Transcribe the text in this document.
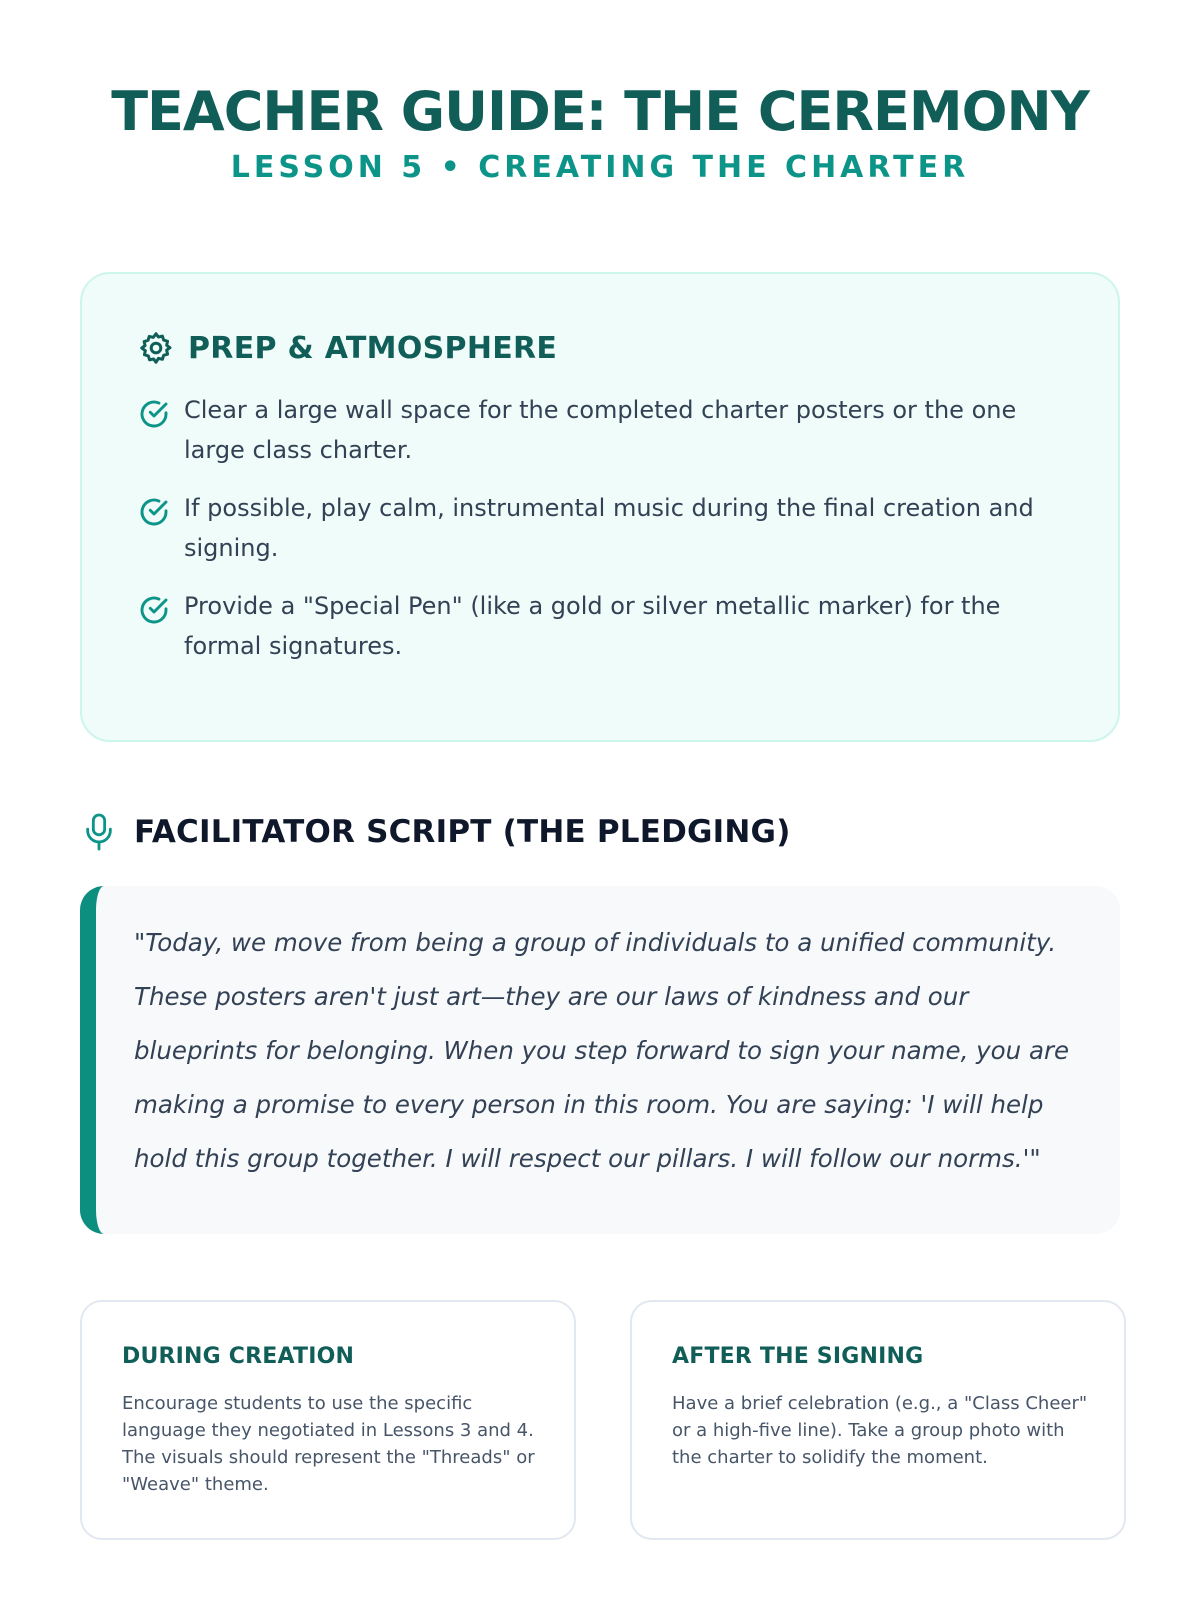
TEACHER GUIDE: THE CEREMONY
LESSON 5 • CREATING THE CHARTER
PREP & ATMOSPHERE
Clear a large wall space for the completed charter posters or the one large class charter.
If possible, play calm, instrumental music during the final creation and signing.
Provide a "Special Pen" (like a gold or silver metallic marker) for the formal signatures.
FACILITATOR SCRIPT (THE PLEDGING)

"Today, we move from being a group of individuals to a unified community. These posters aren't just art—they are our laws of kindness and our blueprints for belonging. When you step forward to sign your name, you are making a promise to every person in this room. You are saying: 'I will help hold this group together. I will respect our pillars. I will follow our norms.'"

DURING CREATION

Encourage students to use the specific language they negotiated in Lessons 3 and 4. The visuals should represent the "Threads" or "Weave" theme.

AFTER THE SIGNING

Have a brief celebration (e.g., a "Class Cheer" or a high-five line). Take a group photo with the charter to solidify the moment.
